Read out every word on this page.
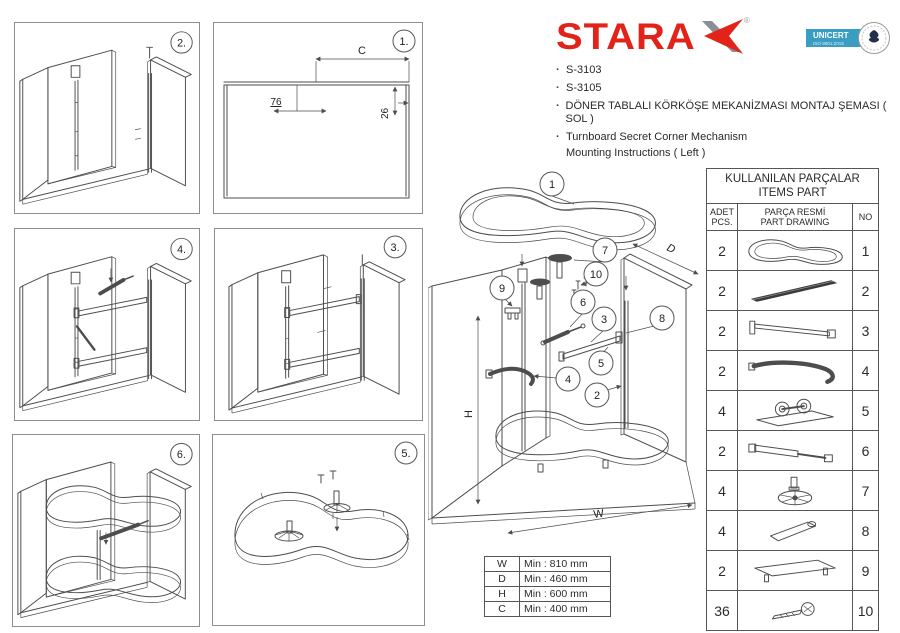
2.
C
76
26
1.
4.	3.
6.	5.
STARA	®
UNICERT
ISO 9001:2015
· S-3103
· S-3105
· DÖNER TABLALI KÖRKÖŞE MEKANİZMASI MONTAJ ŞEMASI ( SOL )
· Turnboard Secret Corner Mechanism
Mounting Instructions ( Left )
H
W
D
1
7
10
9
6
3	8
5
4
2
KULLANILAN PARÇALAR
ITEMS PART		

ADET
PCS.

PARÇA RESMİ
PART DRAWING	NO
2		1
2		2
2		3
2		4
4		5
2		6
4		7
4		8
2		9
36		10
W	Min : 810 mm
D	Min : 460 mm
H	Min : 600 mm
C	Min : 400 mm
